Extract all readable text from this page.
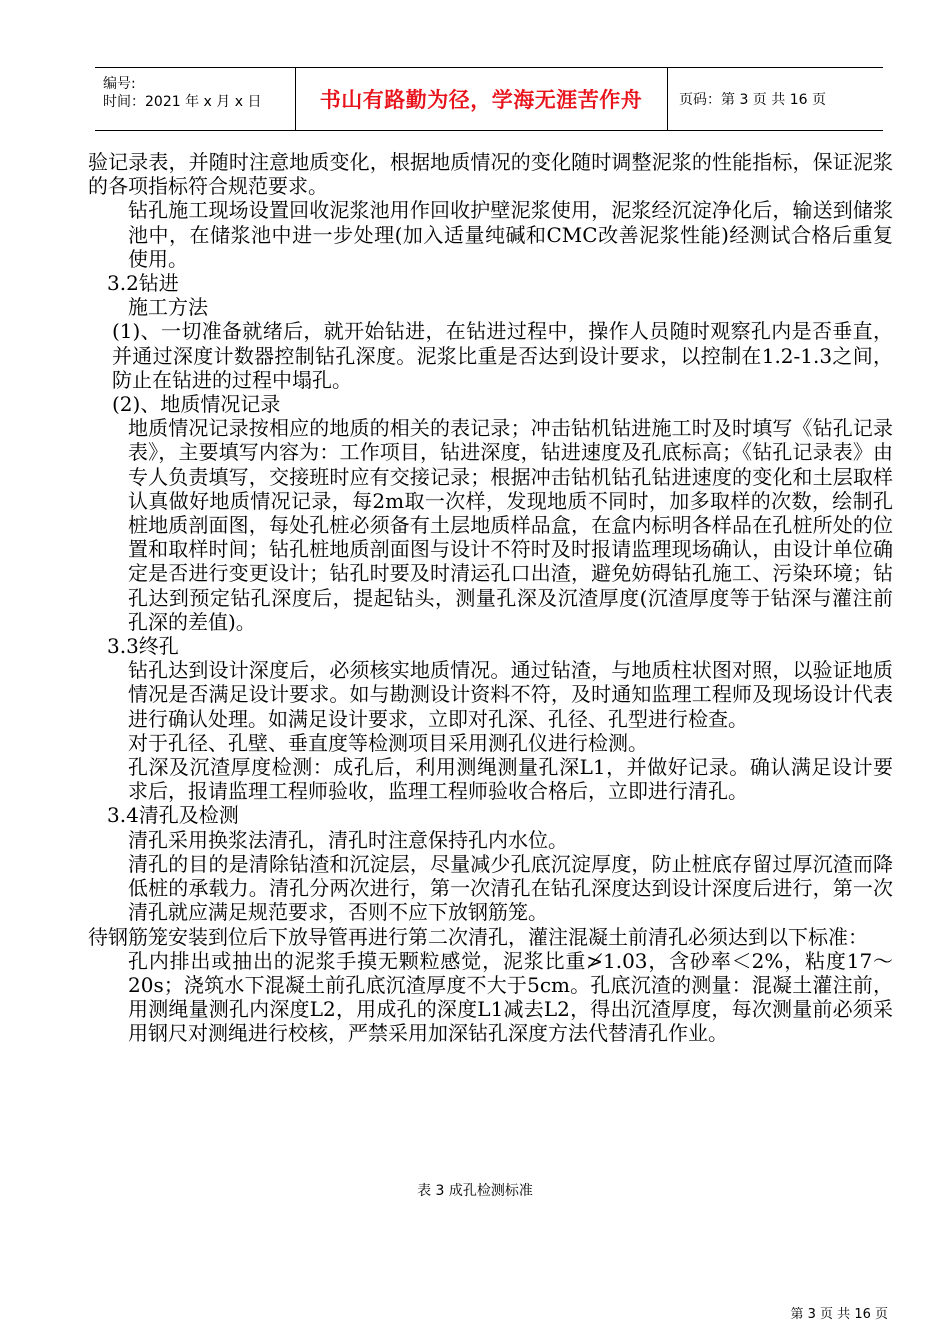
编号:
时间：2021 年 x 月 x 日	书山有路勤为径，学海无涯苦作舟	页码：第 3 页 共 16 页

验记录表，并随时注意地质变化，根据地质情况的变化随时调整泥浆的性能指标，保证泥浆的各项指标符合规范要求。

钻孔施工现场设置回收泥浆池用作回收护壁泥浆使用，泥浆经沉淀净化后，输送到储浆池中，在储浆池中进一步处理(加入适量纯碱和CMC改善泥浆性能)经测试合格后重复使用。

3.2钻进

施工方法

(1)、一切准备就绪后，就开始钻进，在钻进过程中，操作人员随时观察孔内是否垂直，并通过深度计数器控制钻孔深度。泥浆比重是否达到设计要求，以控制在1.2-1.3之间，防止在钻进的过程中塌孔。

(2)、地质情况记录

地质情况记录按相应的地质的相关的表记录；冲击钻机钻进施工时及时填写《钻孔记录表》，主要填写内容为：工作项目，钻进深度，钻进速度及孔底标高；《钻孔记录表》由专人负责填写，交接班时应有交接记录；根据冲击钻机钻孔钻进速度的变化和土层取样认真做好地质情况记录，每2m取一次样，发现地质不同时，加多取样的次数，绘制孔桩地质剖面图，每处孔桩必须备有土层地质样品盒，在盒内标明各样品在孔桩所处的位置和取样时间；钻孔桩地质剖面图与设计不符时及时报请监理现场确认，由设计单位确定是否进行变更设计；钻孔时要及时清运孔口出渣，避免妨碍钻孔施工、污染环境；钻孔达到预定钻孔深度后，提起钻头，测量孔深及沉渣厚度(沉渣厚度等于钻深与灌注前孔深的差值)。

3.3终孔

钻孔达到设计深度后，必须核实地质情况。通过钻渣，与地质柱状图对照，以验证地质情况是否满足设计要求。如与勘测设计资料不符，及时通知监理工程师及现场设计代表进行确认处理。如满足设计要求，立即对孔深、孔径、孔型进行检查。

对于孔径、孔壁、垂直度等检测项目采用测孔仪进行检测。

孔深及沉渣厚度检测：成孔后，利用测绳测量孔深L1，并做好记录。确认满足设计要求后，报请监理工程师验收，监理工程师验收合格后，立即进行清孔。

3.4清孔及检测

清孔采用换浆法清孔，清孔时注意保持孔内水位。

清孔的目的是清除钻渣和沉淀层，尽量减少孔底沉淀厚度，防止桩底存留过厚沉渣而降低桩的承载力。清孔分两次进行，第一次清孔在钻孔深度达到设计深度后进行，第一次清孔就应满足规范要求，否则不应下放钢筋笼。

待钢筋笼安装到位后下放导管再进行第二次清孔，灌注混凝土前清孔必须达到以下标准：

孔内排出或抽出的泥浆手摸无颗粒感觉，泥浆比重≯1.03，含砂率＜2%，粘度17～20s；浇筑水下混凝土前孔底沉渣厚度不大于5cm。孔底沉渣的测量：混凝土灌注前，用测绳量测孔内深度L2，用成孔的深度L1减去L2，得出沉渣厚度，每次测量前必须采用钢尺对测绳进行校核，严禁采用加深钻孔深度方法代替清孔作业。

表 3 成孔检测标准
第 3 页 共 16 页
